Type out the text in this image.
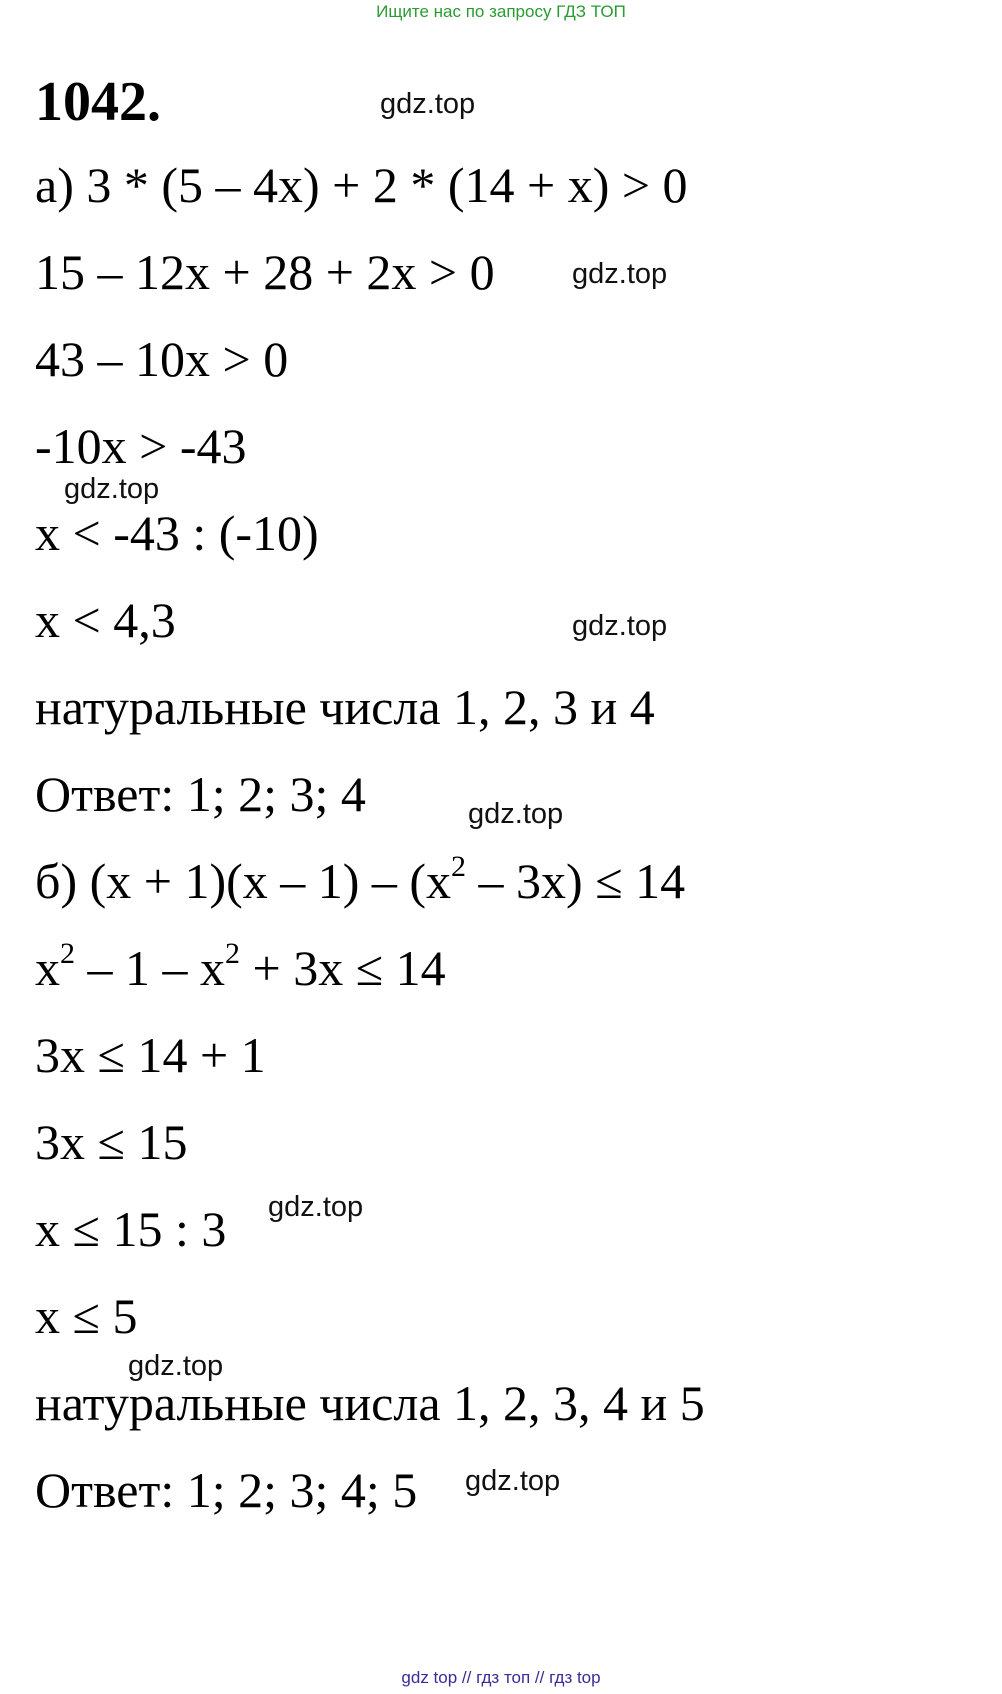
Ищите нас по запросу ГДЗ ТОП
1042.	gdz.top
gdz.top
gdz.top
gdz.top
gdz.top
gdz.top
gdz.top
gdz.top
а) 3 * (5 – 4x) + 2 * (14 + x) > 0
15 – 12x + 28 + 2x > 0
43 – 10x > 0
-10x > -43
x < -43 : (-10)
x < 4,3
натуральные числа 1, 2, 3 и 4
Ответ: 1; 2; 3; 4
б) $(x + 1)(x - 1) - (x^2 - 3x) \le 14$
$x^2 - 1 - x^2 + 3x \le 14$
3x ≤ 14 + 1
3x ≤ 15
x ≤ 15 : 3
x ≤ 5
натуральные числа 1, 2, 3, 4 и 5
Ответ: 1; 2; 3; 4; 5
gdz top // гдз топ // гдз top
